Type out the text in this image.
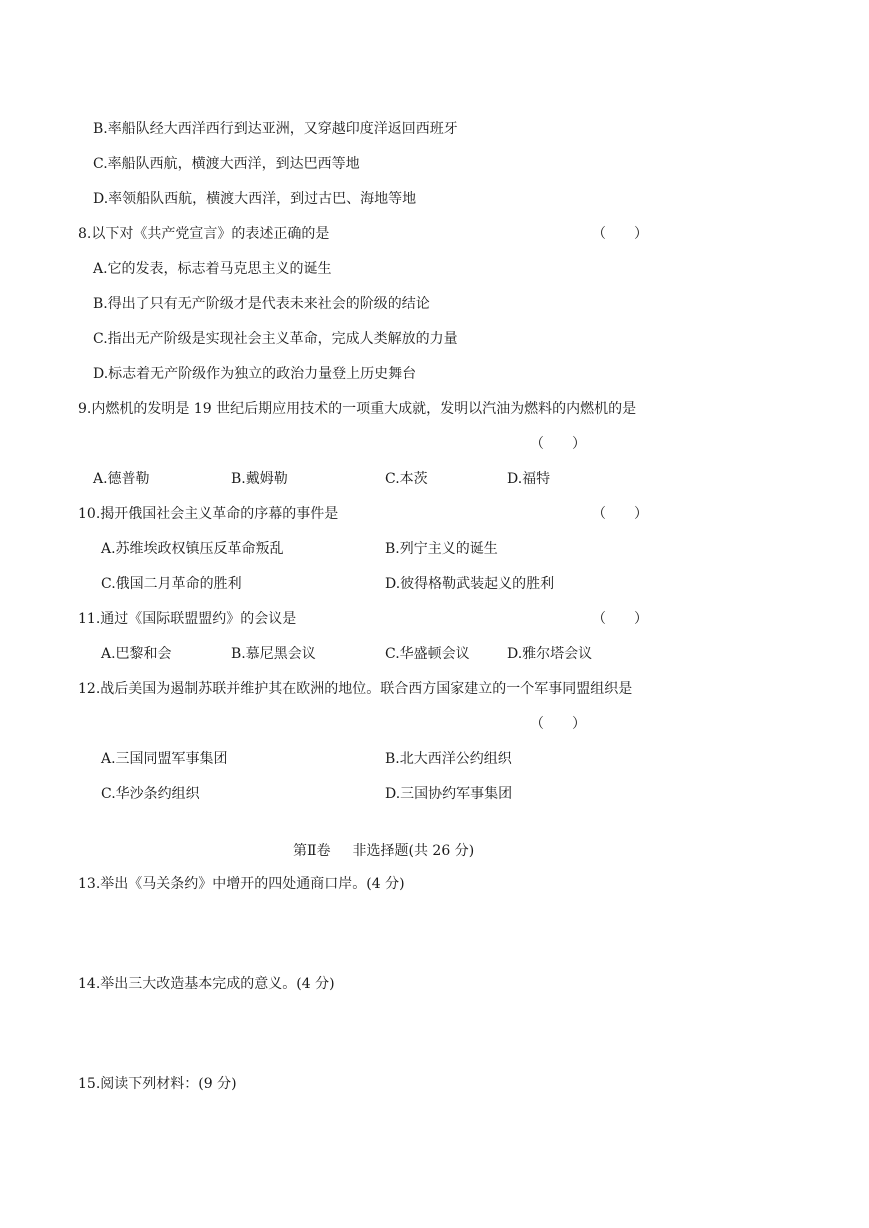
B.率船队经大西洋西行到达亚洲，又穿越印度洋返回西班牙
C.率船队西航，横渡大西洋，到达巴西等地
D.率领船队西航，横渡大西洋，到过古巴、海地等地
8.以下对《共产党宣言》的表述正确的是	（　　）
A.它的发表，标志着马克思主义的诞生
B.得出了只有无产阶级才是代表未来社会的阶级的结论
C.指出无产阶级是实现社会主义革命，完成人类解放的力量
D.标志着无产阶级作为独立的政治力量登上历史舞台
9.内燃机的发明是 19 世纪后期应用技术的一项重大成就，发明以汽油为燃料的内燃机的是
（　　）
A.德普勒	B.戴姆勒	C.本茨	D.福特
10.揭开俄国社会主义革命的序幕的事件是	（　　）
A.苏维埃政权镇压反革命叛乱	B.列宁主义的诞生
C.俄国二月革命的胜利	D.彼得格勒武装起义的胜利
11.通过《国际联盟盟约》的会议是	（　　）
A.巴黎和会	B.慕尼黑会议	C.华盛顿会议	D.雅尔塔会议
12.战后美国为遏制苏联并维护其在欧洲的地位。联合西方国家建立的一个军事同盟组织是
（　　）
A.三国同盟军事集团	B.北大西洋公约组织
C.华沙条约组织	D.三国协约军事集团
第Ⅱ卷 非选择题(共 26 分)
13.举出《马关条约》中增开的四处通商口岸。(4 分)
14.举出三大改造基本完成的意义。(4 分)
15.阅读下列材料：(9 分)
